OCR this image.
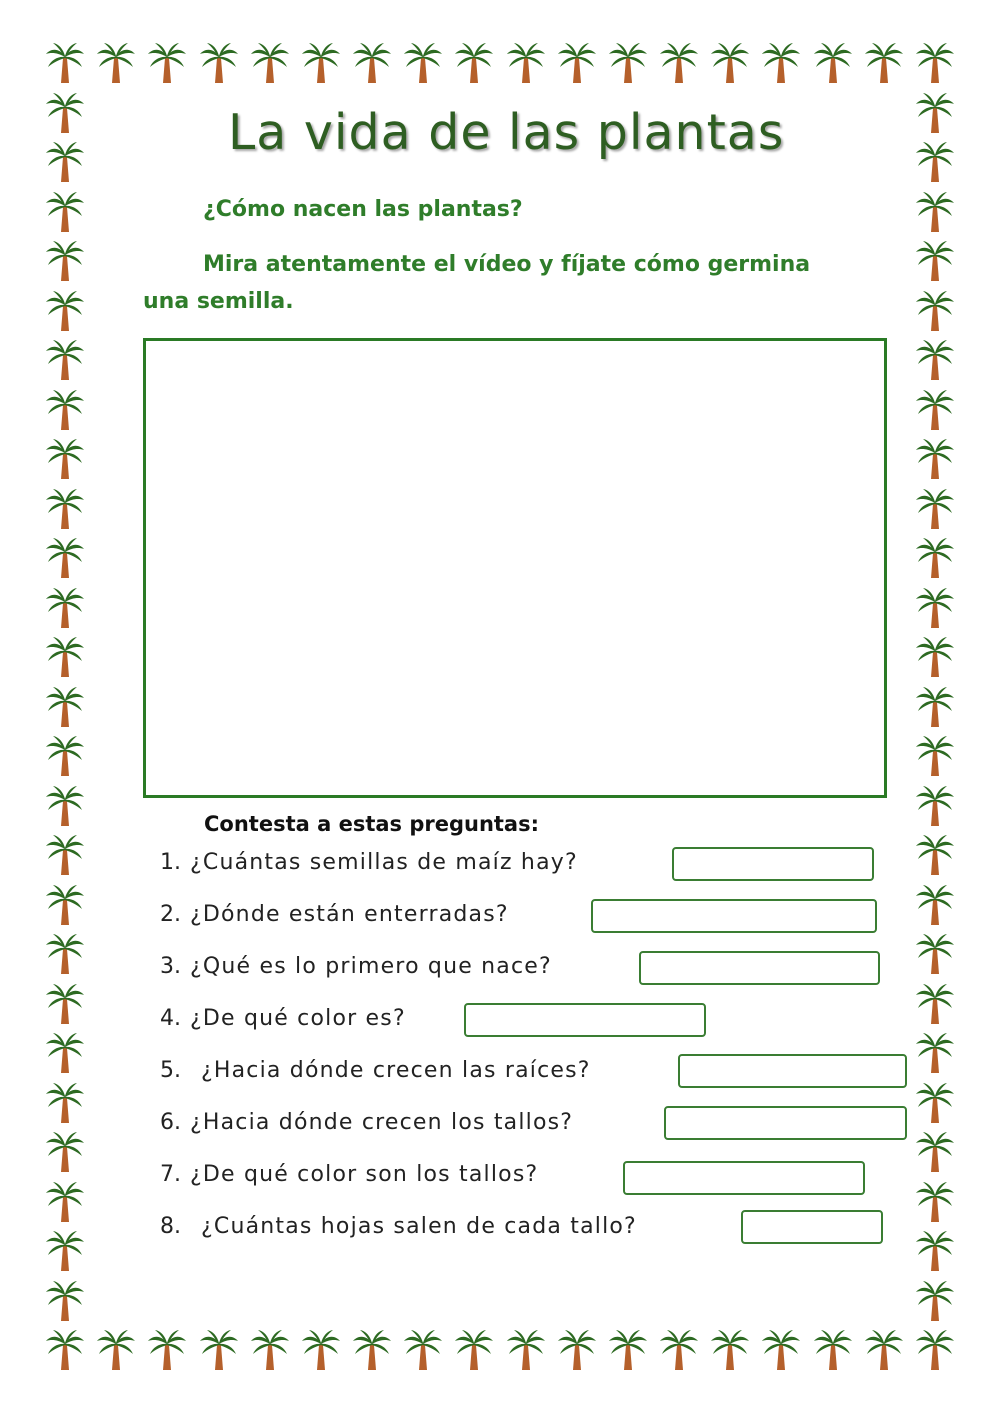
La vida de las plantas
¿Cómo nacen las plantas?

Mira atentamente el vídeo y fíjate cómo germina una semilla.

Contesta a estas preguntas:
1. ¿Cuántas semillas de maíz hay?
2. ¿Dónde están enterradas?
3. ¿Qué es lo primero que nace?
4. ¿De qué color es?
5. ¿Hacia dónde crecen las raíces?
6. ¿Hacia dónde crecen los tallos?
7. ¿De qué color son los tallos?
8. ¿Cuántas hojas salen de cada tallo?
